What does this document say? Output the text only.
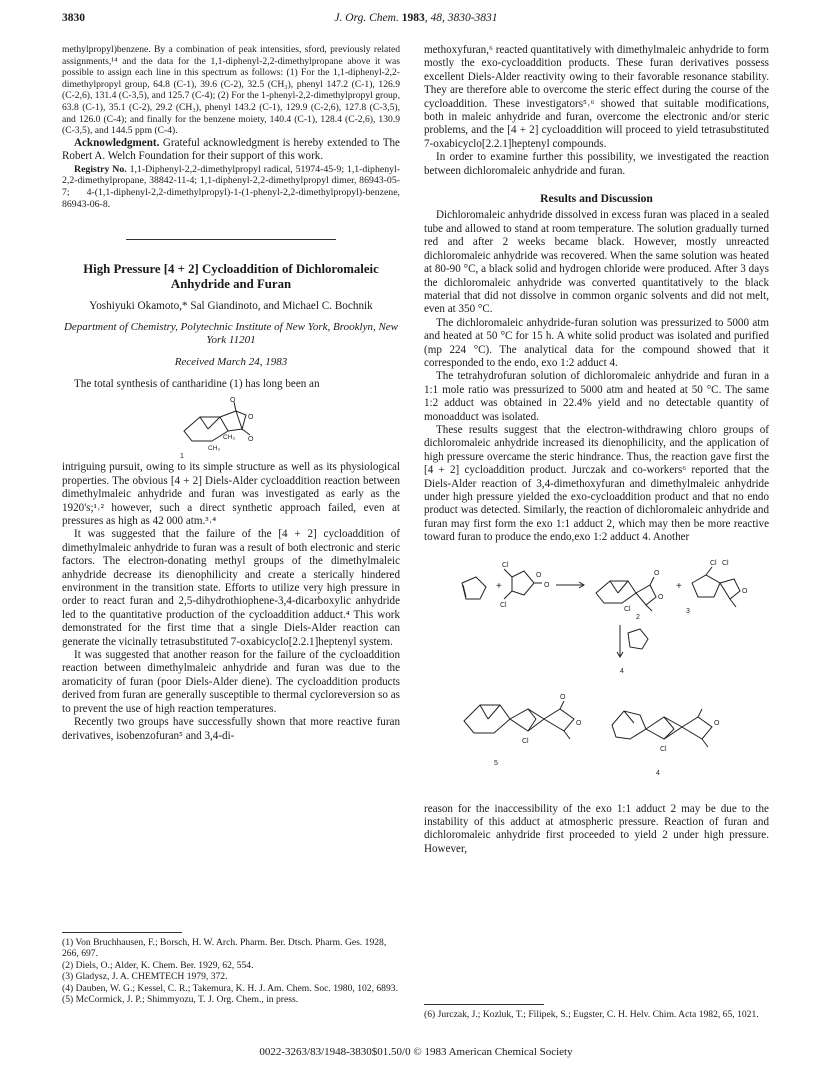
3830	J. Org. Chem. 1983, 48, 3830-3831

methylpropyl)benzene. By a combination of peak intensities, sford, previously related assignments,¹⁴ and the data for the 1,1-diphenyl-2,2-dimethylpropane above it was possible to assign each line in this spectrum as follows: (1) For the 1,1-diphenyl-2,2-dimethylpropyl group, 64.8 (C-1), 39.6 (C-2), 32.5 (CH₃), phenyl 147.2 (C-1), 126.9 (C-2,6), 131.4 (C-3,5), and 125.7 (C-4); (2) For the 1-phenyl-2,2-dimethylpropyl group, 63.8 (C-1), 35.1 (C-2), 29.2 (CH₃), phenyl 143.2 (C-1), 129.9 (C-2,6), 127.8 (C-3,5), and 126.0 (C-4); and finally for the benzene moiety, 140.4 (C-1), 128.4 (C-2,6), 130.9 (C-3,5), and 144.5 ppm (C-4).

Acknowledgment. Grateful acknowledgment is hereby extended to The Robert A. Welch Foundation for their support of this work.

Registry No. 1,1-Diphenyl-2,2-dimethylpropyl radical, 51974-45-9; 1,1-diphenyl-2,2-dimethylpropane, 38842-11-4; 1,1-diphenyl-2,2-dimethylpropyl dimer, 86943-05-7; 4-(1,1-diphenyl-2,2-dimethylpropyl)-1-(1-phenyl-2,2-dimethylpropyl)-benzene, 86943-06-8.

High Pressure [4 + 2] Cycloaddition of Dichloromaleic Anhydride and Furan
Yoshiyuki Okamoto,* Sal Giandinoto, and Michael C. Bochnik
Department of Chemistry, Polytechnic Institute of New York, Brooklyn, New York 11201
Received March 24, 1983

The total synthesis of cantharidine (1) has long been an

O
O
O
CH₃
CH₃
1

intriguing pursuit, owing to its simple structure as well as its physiological properties. The obvious [4 + 2] Diels-Alder cycloaddition reaction between dimethylmaleic anhydride and furan was investigated as early as the 1920's;¹˒² however, such a direct synthetic approach failed, even at pressures as high as 42 000 atm.³˒⁴

It was suggested that the failure of the [4 + 2] cycloaddition of dimethylmaleic anhydride to furan was a result of both electronic and steric factors. The electron-donating methyl groups of the dimethylmaleic anhydride decrease its dienophilicity and create a sterically hindered environment in the transition state. Efforts to utilize very high pressure in order to react furan and 2,5-dihydrothiophene-3,4-dicarboxylic anhydride led to the quantitative production of the cycloaddition adduct.⁴ This work demonstrated for the first time that a single Diels-Alder reaction can generate the vicinally tetrasubstituted 7-oxabicyclo[2.2.1]heptenyl system.

It was suggested that another reason for the failure of the cycloaddition reaction between dimethylmaleic anhydride and furan was due to the aromaticity of furan (poor Diels-Alder diene). The cycloaddition products derived from furan are generally susceptible to thermal cycloreversion so as to prevent the use of high reaction temperatures.

Recently two groups have successfully shown that more reactive furan derivatives, isobenzofuran⁵ and 3,4-di-

methoxyfuran,⁶ reacted quantitatively with dimethylmaleic anhydride to form mostly the exo-cycloaddition products. These furan derivatives possess excellent Diels-Alder reactivity owing to their favorable resonance stability. They are therefore able to overcome the steric effect during the course of the cycloaddition. These investigators⁵˒⁶ showed that suitable modifications, both in maleic anhydride and furan, overcome the electronic and/or steric problems, and the [4 + 2] cycloaddition will proceed to yield tetrasubstituted 7-oxabicyclo[2.2.1]heptenyl compounds.

In order to examine further this possibility, we investigated the reaction between dichloromaleic anhydride and furan.

Results and Discussion

Dichloromaleic anhydride dissolved in excess furan was placed in a sealed tube and allowed to stand at room temperature. The solution gradually turned red and after 2 weeks became black. However, mostly unreacted dichloromaleic anhydride was recovered. When the same solution was heated at 80-90 °C, a black solid and hydrogen chloride were produced. After 3 days the dichloromaleic anhydride was converted quantitatively to the black material that did not dissolve in common organic solvents and did not melt, even at 350 °C.

The dichloromaleic anhydride-furan solution was pressurized to 5000 atm and heated at 50 °C for 15 h. A white solid product was isolated and purified (mp 224 °C). The analytical data for the compound showed that it corresponded to the endo, exo 1:2 adduct 4.

The tetrahydrofuran solution of dichloromaleic anhydride and furan in a 1:1 mole ratio was pressurized to 5000 atm and heated at 50 °C. The same 1:2 adduct was obtained in 22.4% yield and no detectable quantity of monoadduct was isolated.

These results suggest that the electron-withdrawing chloro groups of dichloromaleic anhydride increased its dienophilicity, and the application of high pressure overcame the steric hindrance. Thus, the reaction gave first the [4 + 2] cycloaddition product. Jurczak and co-workers⁶ reported that the Diels-Alder reaction of 3,4-dimethoxyfuran and dimethylmaleic anhydride under high pressure yielded the exo-cycloaddition product and that no endo product was detected. Similarly, the reaction of dichloromaleic anhydride and furan may first form the exo 1:1 adduct 2, which may then be more reactive toward furan to produce the endo,exo 1:2 adduct 4. Another

+
Cl
Cl
O
O
O
O
Cl
2
+
Cl Cl
O
3
4
O
O
Cl
5
O
Cl
4

reason for the inaccessibility of the exo 1:1 adduct 2 may be due to the instability of this adduct at atmospheric pressure. Reaction of furan and dichloromaleic anhydride first proceeded to yield 2 under high pressure. However,

(1) Von Bruchhausen, F.; Borsch, H. W. Arch. Pharm. Ber. Dtsch. Pharm. Ges. 1928, 266, 697.
(2) Diels, O.; Alder, K. Chem. Ber. 1929, 62, 554.
(3) Gladysz, J. A. CHEMTECH 1979, 372.
(4) Dauben, W. G.; Kessel, C. R.; Takemura, K. H. J. Am. Chem. Soc. 1980, 102, 6893.
(5) McCormick, J. P.; Shimmyozu, T. J. Org. Chem., in press.
(6) Jurczak, J.; Kozluk, T.; Filipek, S.; Eugster, C. H. Helv. Chim. Acta 1982, 65, 1021.
0022-3263/83/1948-3830$01.50/0 © 1983 American Chemical Society
